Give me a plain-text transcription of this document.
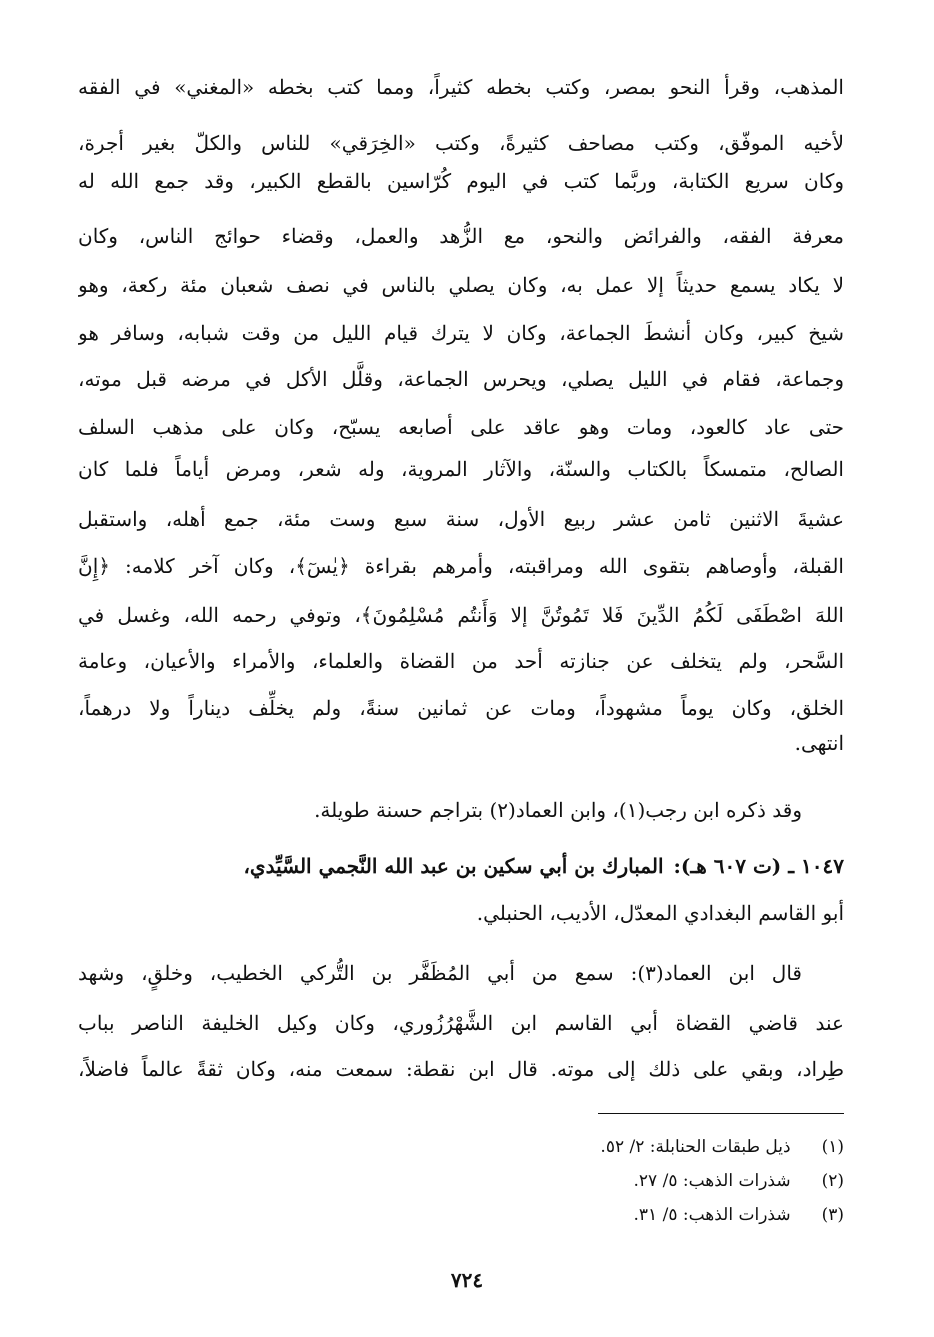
المذهب، وقرأ النحو بمصر، وكتب بخطه كثيراً، ومما كتب بخطه «المغني» في الفقه
لأخيه الموفّق، وكتب مصاحف كثيرةً، وكتب «الخِرَقي» للناس والكلّ بغير أجرة،
وكان سريع الكتابة، وربَّما كتب في اليوم كُرّاسين بالقطع الكبير، وقد جمع الله له
معرفة الفقه، والفرائض والنحو، مع الزُّهد والعمل، وقضاء حوائج الناس، وكان
لا يكاد يسمع حديثاً إلا عمل به، وكان يصلي بالناس في نصف شعبان مئة ركعة، وهو
شيخ كبير، وكان أنشطَ الجماعة، وكان لا يترك قيام الليل من وقت شبابه، وسافر هو
وجماعة، فقام في الليل يصلي، ويحرس الجماعة، وقلَّل الأكل في مرضه قبل موته،
حتى عاد كالعود، ومات وهو عاقد على أصابعه يسبّح، وكان على مذهب السلف
الصالح، متمسكاً بالكتاب والسنّة، والآثار المروية، وله شعر، ومرض أياماً فلما كان
عشيةَ الاثنين ثامن عشر ربيع الأول، سنة سبع وست مئة، جمع أهله، واستقبل
القبلة، وأوصاهم بتقوى الله ومراقبته، وأمرهم بقراءة ﴿يٰسٓ﴾، وكان آخر كلامه: ﴿إِنَّ
اللهَ اصْطَفَى لَكُمُ الدِّينَ فَلا تَمُوتُنَّ إلا وَأَنتُم مُسْلِمُونَ﴾، وتوفي رحمه الله، وغسل في
السَّحر، ولم يتخلف عن جنازته أحد من القضاة والعلماء، والأمراء والأعيان، وعامة
الخلق، وكان يوماً مشهوداً، ومات عن ثمانين سنةً، ولم يخلِّف ديناراً ولا درهماً،
انتهى.
وقد ذكره ابن رجب(١)، وابن العماد(٢) بتراجم حسنة طويلة.
١٠٤٧ ـ (ت ٦٠٧ هـ):
المبارك بن أبي سكين بن عبد الله النَّجمي السَّيِّدي،
أبو القاسم البغدادي المعدّل، الأديب، الحنبلي.
قال ابن العماد(٣): سمع من أبي المُظَفَّر بن التُّركي الخطيب، وخلقٍ، وشهد
عند قاضي القضاة أبي القاسم ابن الشَّهْرُزُوري، وكان وكيل الخليفة الناصر بباب
طِراد، وبقي على ذلك إلى موته. قال ابن نقطة: سمعت منه، وكان ثقةً عالماً فاضلاً،
(١) ذيل طبقات الحنابلة: ٢/ ٥٢.
(٢) شذرات الذهب: ٥/ ٢٧.
(٣) شذرات الذهب: ٥/ ٣١.
٧٢٤
